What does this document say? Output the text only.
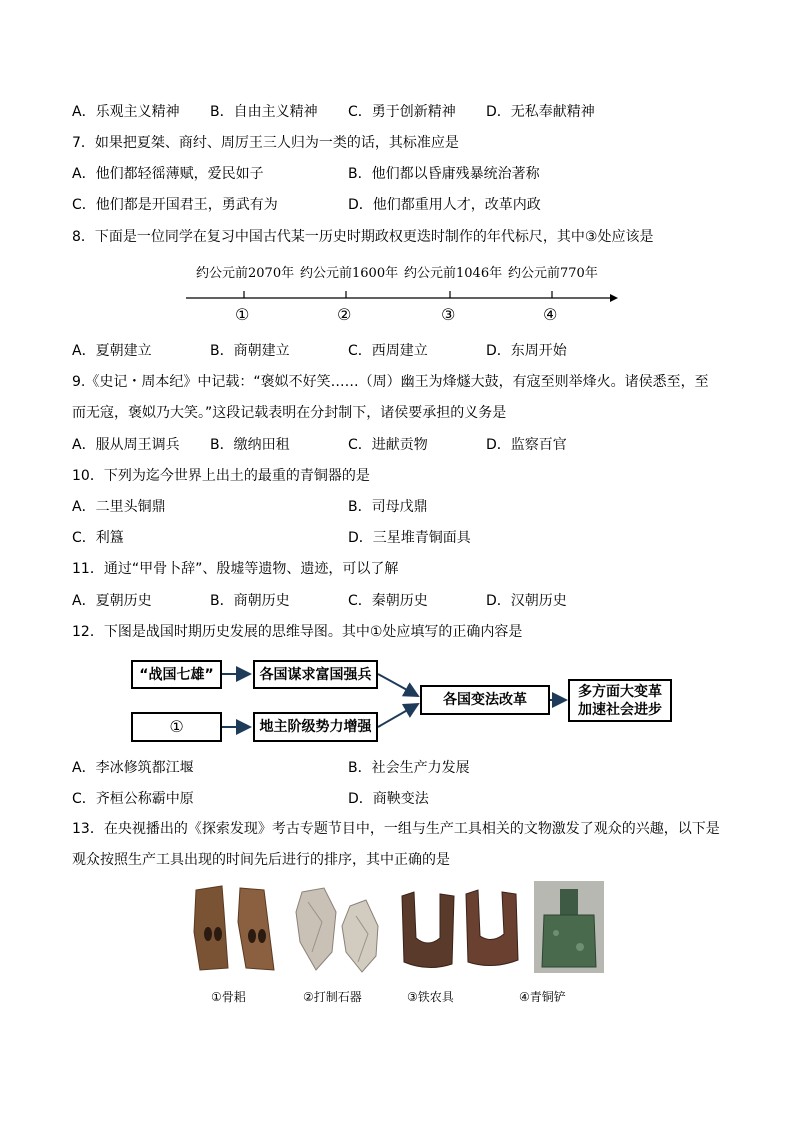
A．乐观主义精神 B．自由主义精神 C．勇于创新精神 D．无私奉献精神
7．如果把夏桀、商纣、周厉王三人归为一类的话，其标准应是
A．他们都轻徭薄赋，爱民如子	B．他们都以昏庸残暴统治著称
C．他们都是开国君王，勇武有为	D．他们都重用人才，改革内政
8．下面是一位同学在复习中国古代某一历史时期政权更迭时制作的年代标尺，其中③处应该是
约公元前2070年 约公元前1600年 约公元前1046年 约公元前770年
①	②	③	④
A．夏朝建立	B．商朝建立	C．西周建立	D．东周开始
9.《史记・周本纪》中记载：“褒姒不好笑……（周）幽王为烽燧大鼓，有寇至则举烽火。诸侯悉至，至而无寇，褒姒乃大笑。”这段记载表明在分封制下，诸侯要承担的义务是
A．服从周王调兵 B．缴纳田租	C．进献贡物	D．监察百官
10．下列为迄今世界上出土的最重的青铜器的是
A．二里头铜鼎	B．司母戊鼎
C．利簋	D．三星堆青铜面具
11．通过“甲骨卜辞”、殷墟等遗物、遗迹，可以了解
A．夏朝历史	B．商朝历史	C．秦朝历史	D．汉朝历史
12．下图是战国时期历史发展的思维导图。其中①处应填写的正确内容是
“战国七雄”	各国谋求富国强兵
①	地主阶级势力增强
各国变法改革
多方面大变革
加速社会进步
A．李冰修筑都江堰	B．社会生产力发展
C．齐桓公称霸中原	D．商鞅变法
13．在央视播出的《探索发现》考古专题节目中，一组与生产工具相关的文物激发了观众的兴趣，以下是观众按照生产工具出现的时间先后进行的排序，其中正确的是
①骨耜	②打制石器	③铁农具	④青铜铲
